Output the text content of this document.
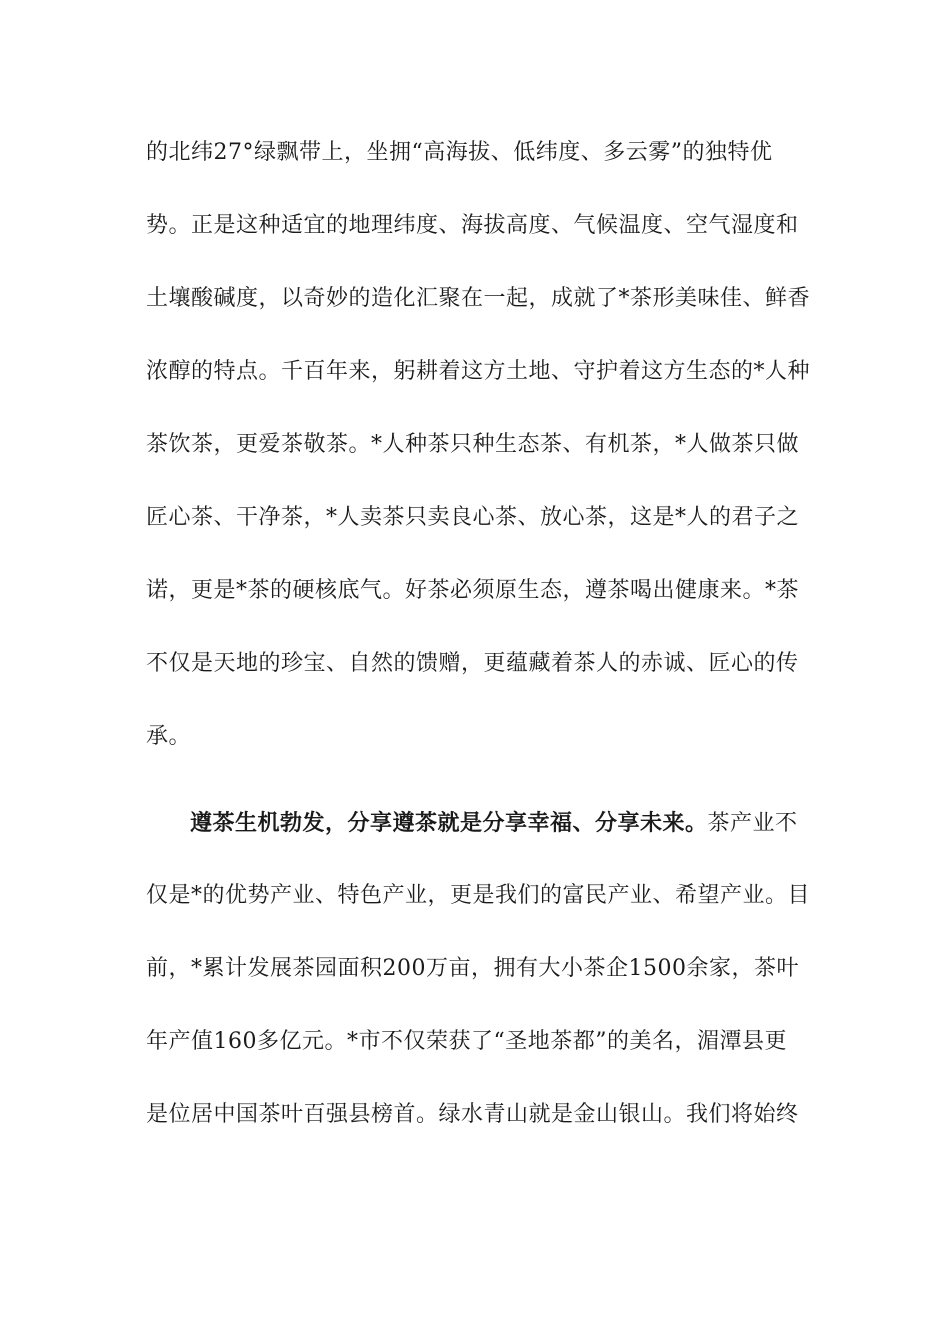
的北纬27°绿飘带上，坐拥“高海拔、低纬度、多云雾”的独特优
势。正是这种适宜的地理纬度、海拔高度、气候温度、空气湿度和
土壤酸碱度，以奇妙的造化汇聚在一起，成就了*茶形美味佳、鲜香
浓醇的特点。千百年来，躬耕着这方土地、守护着这方生态的*人种
茶饮茶，更爱茶敬茶。*人种茶只种生态茶、有机茶，*人做茶只做
匠心茶、干净茶，*人卖茶只卖良心茶、放心茶，这是*人的君子之
诺，更是*茶的硬核底气。好茶必须原生态，遵茶喝出健康来。*茶
不仅是天地的珍宝、自然的馈赠，更蕴藏着茶人的赤诚、匠心的传
承。
遵茶生机勃发，分享遵茶就是分享幸福、分享未来。茶产业不
仅是*的优势产业、特色产业，更是我们的富民产业、希望产业。目
前，*累计发展茶园面积200万亩，拥有大小茶企1500余家，茶叶
年产值160多亿元。*市不仅荣获了“圣地茶都”的美名，湄潭县更
是位居中国茶叶百强县榜首。绿水青山就是金山银山。我们将始终
